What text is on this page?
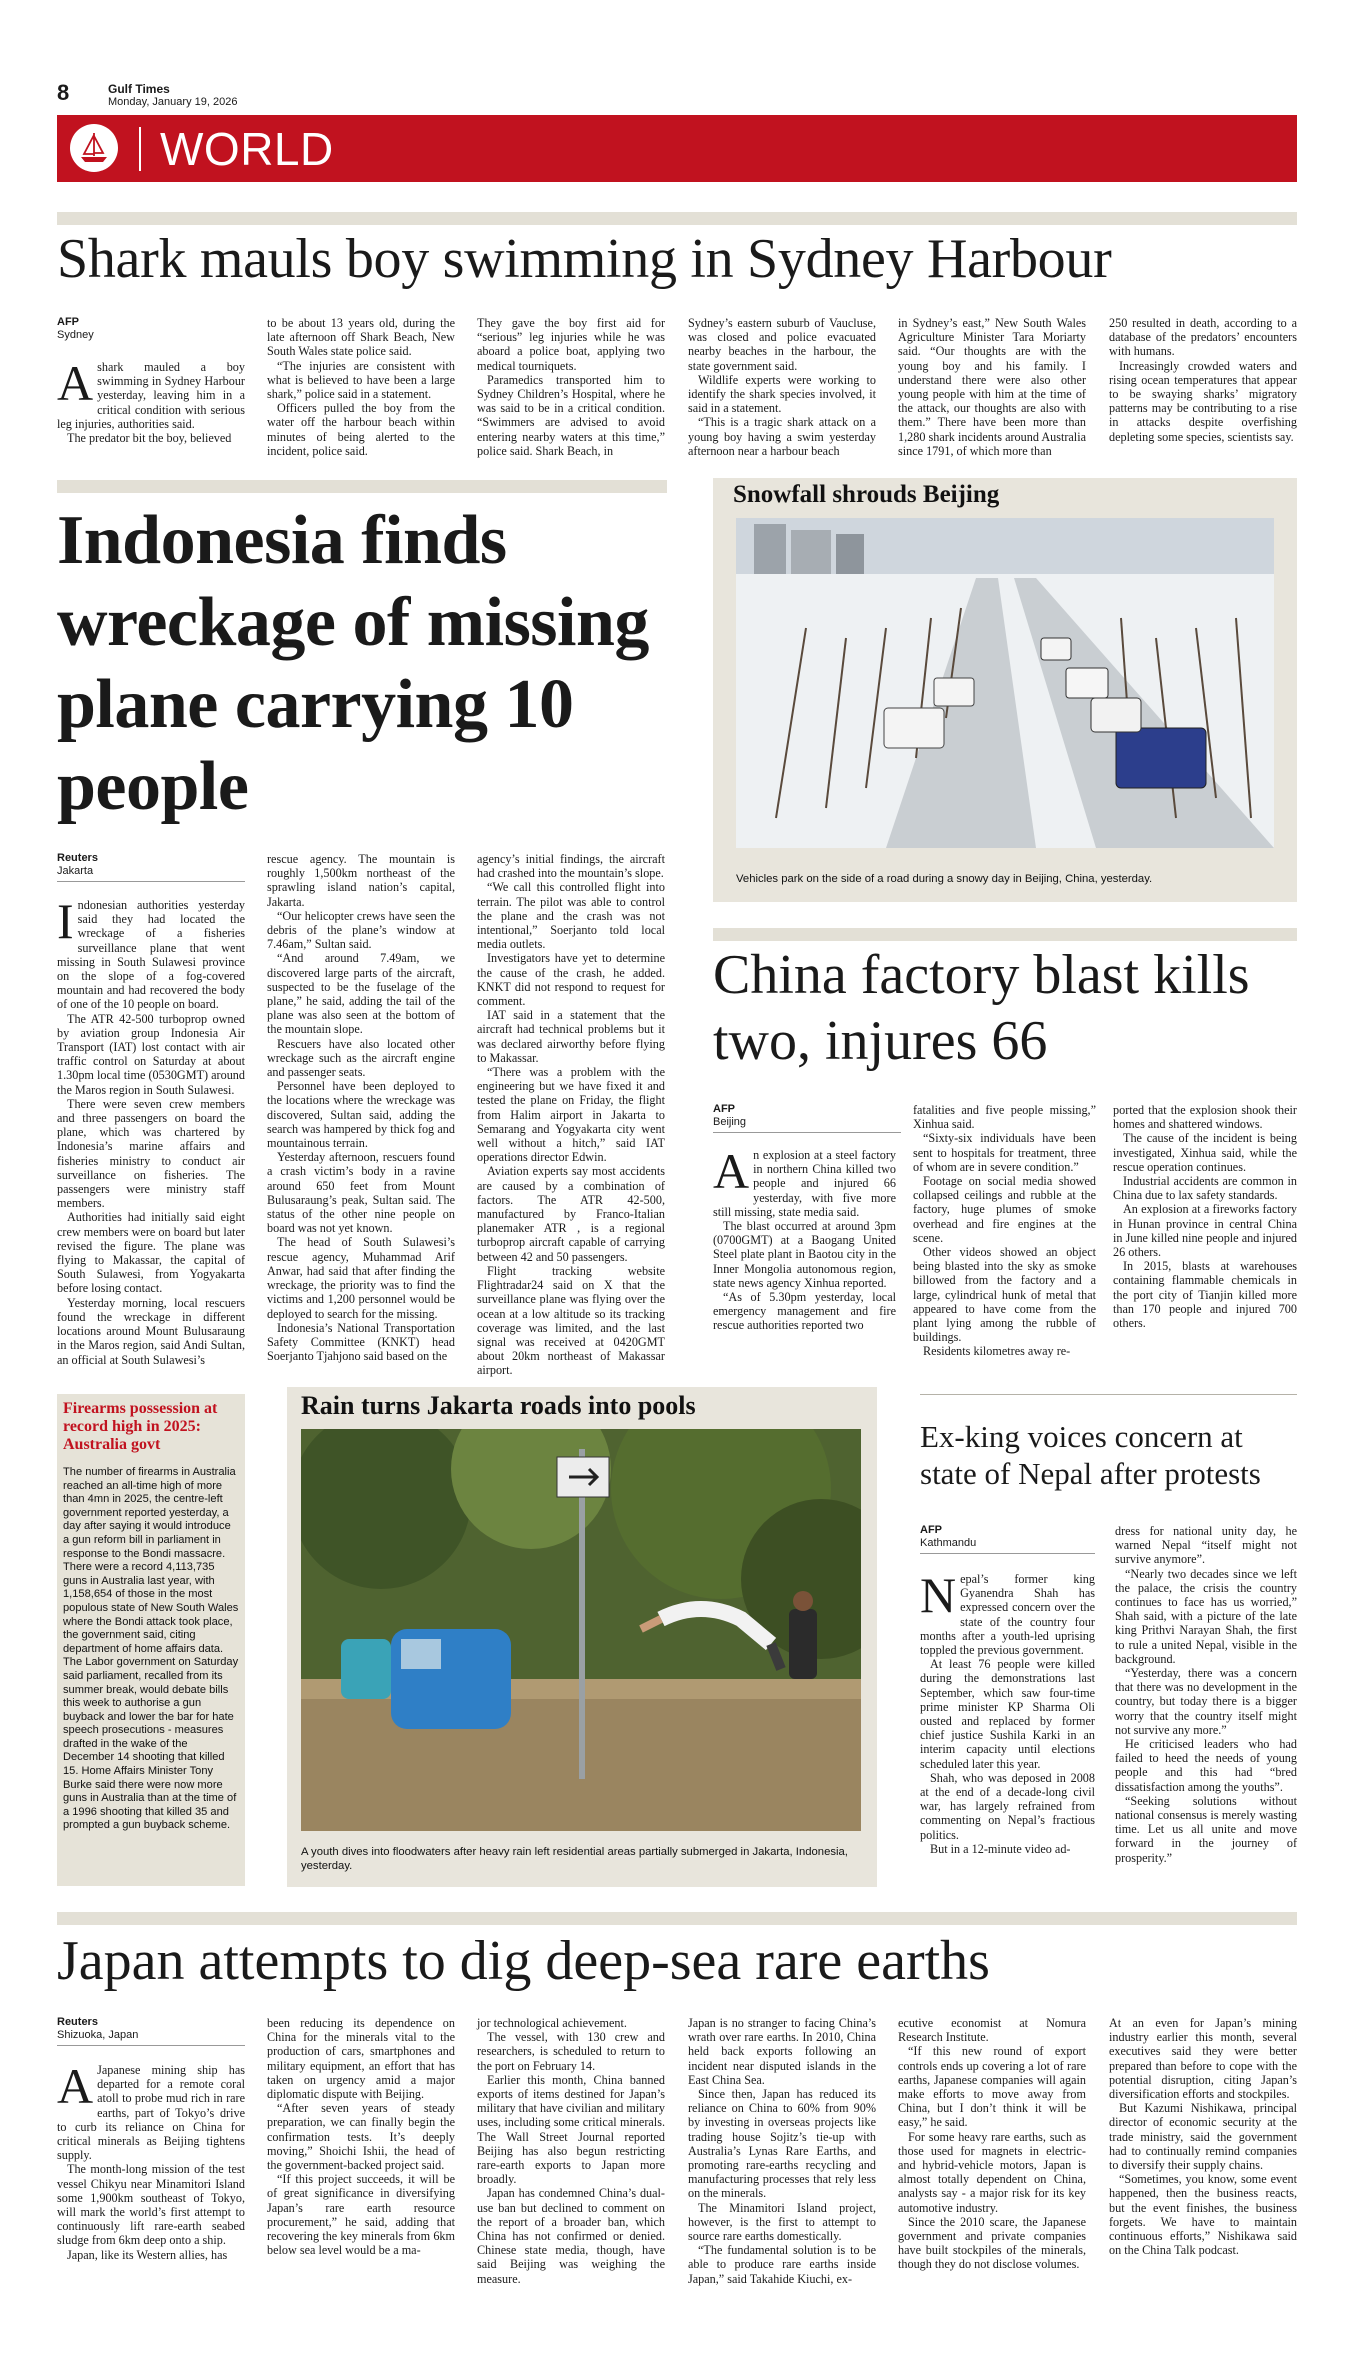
8	Gulf Times
Monday, January 19, 2026
WORLD
Shark mauls boy swimming in Sydney Harbour
AFP
Sydney

Ashark mauled a boy swimming in Sydney Harbour yesterday, leaving him in a critical condition with serious leg injuries, authorities said.

The predator bit the boy, believed

to be about 13 years old, during the late afternoon off Shark Beach, New South Wales state police said.

“The injuries are consistent with what is believed to have been a large shark,” police said in a statement.

Officers pulled the boy from the water off the harbour beach within minutes of being alerted to the incident, police said.

They gave the boy first aid for “serious” leg injuries while he was aboard a police boat, applying two medical tourniquets.

Paramedics transported him to Sydney Children’s Hospital, where he was said to be in a critical condition. “Swimmers are advised to avoid entering nearby waters at this time,” police said. Shark Beach, in

Sydney’s eastern suburb of Vaucluse, was closed and police evacuated nearby beaches in the harbour, the state government said.

Wildlife experts were working to identify the shark species involved, it said in a statement.

“This is a tragic shark attack on a young boy having a swim yesterday afternoon near a harbour beach

in Sydney’s east,” New South Wales Agriculture Minister Tara Moriarty said. “Our thoughts are with the young boy and his family. I understand there were also other young people with him at the time of the attack, our thoughts are also with them.” There have been more than 1,280 shark incidents around Australia since 1791, of which more than

250 resulted in death, according to a database of the predators’ encounters with humans.

Increasingly crowded waters and rising ocean temperatures that appear to be swaying sharks’ migratory patterns may be contributing to a rise in attacks despite overfishing depleting some species, scientists say.

Indonesia finds wreckage of missing plane carrying 10 people
Reuters
Jakarta

Indonesian authorities yesterday said they had located the wreckage of a fisheries surveillance plane that went missing in South Sulawesi province on the slope of a fog-covered mountain and had recovered the body of one of the 10 people on board.

The ATR 42-500 turboprop owned by aviation group Indonesia Air Transport (IAT) lost contact with air traffic control on Saturday at about 1.30pm local time (0530GMT) around the Maros region in South Sulawesi.

There were seven crew members and three passengers on board the plane, which was chartered by Indonesia’s marine affairs and fisheries ministry to conduct air surveillance on fisheries. The passengers were ministry staff members.

Authorities had initially said eight crew members were on board but later revised the figure. The plane was flying to Makassar, the capital of South Sulawesi, from Yogyakarta before losing contact.

Yesterday morning, local rescuers found the wreckage in different locations around Mount Bulusaraung in the Maros region, said Andi Sultan, an official at South Sulawesi’s

rescue agency. The mountain is roughly 1,500km northeast of the sprawling island nation’s capital, Jakarta.

“Our helicopter crews have seen the debris of the plane’s window at 7.46am,” Sultan said.

“And around 7.49am, we discovered large parts of the aircraft, suspected to be the fuselage of the plane,” he said, adding the tail of the plane was also seen at the bottom of the mountain slope.

Rescuers have also located other wreckage such as the aircraft engine and passenger seats.

Personnel have been deployed to the locations where the wreckage was discovered, Sultan said, adding the search was hampered by thick fog and mountainous terrain.

Yesterday afternoon, rescuers found a crash victim’s body in a ravine around 650 feet from Mount Bulusaraung’s peak, Sultan said. The status of the other nine people on board was not yet known.

The head of South Sulawesi’s rescue agency, Muhammad Arif Anwar, had said that after finding the wreckage, the priority was to find the victims and 1,200 personnel would be deployed to search for the missing.

Indonesia’s National Transportation Safety Committee (KNKT) head Soerjanto Tjahjono said based on the

agency’s initial findings, the aircraft had crashed into the mountain’s slope.

“We call this controlled flight into terrain. The pilot was able to control the plane and the crash was not intentional,” Soerjanto told local media outlets.

Investigators have yet to determine the cause of the crash, he added. KNKT did not respond to request for comment.

IAT said in a statement that the aircraft had technical problems but it was declared airworthy before flying to Makassar.

“There was a problem with the engineering but we have fixed it and tested the plane on Friday, the flight from Halim airport in Jakarta to Semarang and Yogyakarta city went well without a hitch,” said IAT operations director Edwin.

Aviation experts say most accidents are caused by a combination of factors. The ATR 42-500, manufactured by Franco-Italian planemaker ATR , is a regional turboprop aircraft capable of carrying between 42 and 50 passengers.

Flight tracking website Flightradar24 said on X that the surveillance plane was flying over the ocean at a low altitude so its tracking coverage was limited, and the last signal was received at 0420GMT about 20km northeast of Makassar airport.

Snowfall shrouds Beijing
Vehicles park on the side of a road during a snowy day in Beijing, China, yesterday.
China factory blast kills two, injures 66
AFP
Beijing

An explosion at a steel factory in northern China killed two people and injured 66 yesterday, with five more still missing, state media said.

The blast occurred at around 3pm (0700GMT) at a Baogang United Steel plate plant in Baotou city in the Inner Mongolia autonomous region, state news agency Xinhua reported.

“As of 5.30pm yesterday, local emergency management and fire rescue authorities reported two

fatalities and five people missing,” Xinhua said.

“Sixty-six individuals have been sent to hospitals for treatment, three of whom are in severe condition.”

Footage on social media showed collapsed ceilings and rubble at the factory, huge plumes of smoke overhead and fire engines at the scene.

Other videos showed an object being blasted into the sky as smoke billowed from the factory and a large, cylindrical hunk of metal that appeared to have come from the plant lying among the rubble of buildings.

Residents kilometres away re-

ported that the explosion shook their homes and shattered windows.

The cause of the incident is being investigated, Xinhua said, while the rescue operation continues.

Industrial accidents are common in China due to lax safety standards.

An explosion at a fireworks factory in Hunan province in central China in June killed nine people and injured 26 others.

In 2015, blasts at warehouses containing flammable chemicals in the port city of Tianjin killed more than 170 people and injured 700 others.

Firearms possession at record high in 2025: Australia govt
The number of firearms in Australia reached an all-time high of more than 4mn in 2025, the centre-left government reported yesterday, a day after saying it would introduce a gun reform bill in parliament in response to the Bondi massacre. There were a record 4,113,735 guns in Australia last year, with 1,158,654 of those in the most populous state of New South Wales where the Bondi attack took place, the government said, citing department of home affairs data. The Labor government on Saturday said parliament, recalled from its summer break, would debate bills this week to authorise a gun buyback and lower the bar for hate speech prosecutions - measures drafted in the wake of the December 14 shooting that killed 15. Home Affairs Minister Tony Burke said there were now more guns in Australia than at the time of a 1996 shooting that killed 35 and prompted a gun buyback scheme.
Rain turns Jakarta roads into pools
A youth dives into floodwaters after heavy rain left residential areas partially submerged in Jakarta, Indonesia, yesterday.
Ex-king voices concern at state of Nepal after protests
AFP
Kathmandu

Nepal’s former king Gyanendra Shah has expressed concern over the state of the country four months after a youth-led uprising toppled the previous government.

At least 76 people were killed during the demonstrations last September, which saw four-time prime minister KP Sharma Oli ousted and replaced by former chief justice Sushila Karki in an interim capacity until elections scheduled later this year.

Shah, who was deposed in 2008 at the end of a decade-long civil war, has largely refrained from commenting on Nepal’s fractious politics.

But in a 12-minute video ad-

dress for national unity day, he warned Nepal “itself might not survive anymore”.

“Nearly two decades since we left the palace, the crisis the country continues to face has us worried,” Shah said, with a picture of the late king Prithvi Narayan Shah, the first to rule a united Nepal, visible in the background.

“Yesterday, there was a concern that there was no development in the country, but today there is a bigger worry that the country itself might not survive any more.”

He criticised leaders who had failed to heed the needs of young people and this had “bred dissatisfaction among the youths”.

“Seeking solutions without national consensus is merely wasting time. Let us all unite and move forward in the journey of prosperity.”

Japan attempts to dig deep-sea rare earths
Reuters
Shizuoka, Japan

A Japanese mining ship has departed for a remote coral atoll to probe mud rich in rare earths, part of Tokyo’s drive to curb its reliance on China for critical minerals as Beijing tightens supply.

The month-long mission of the test vessel Chikyu near Minamitori Island some 1,900km southeast of Tokyo, will mark the world’s first attempt to continuously lift rare-earth seabed sludge from 6km deep onto a ship.

Japan, like its Western allies, has

been reducing its dependence on China for the minerals vital to the production of cars, smartphones and military equipment, an effort that has taken on urgency amid a major diplomatic dispute with Beijing.

“After seven years of steady preparation, we can finally begin the confirmation tests. It’s deeply moving,” Shoichi Ishii, the head of the government-backed project said.

“If this project succeeds, it will be of great significance in diversifying Japan’s rare earth resource procurement,” he said, adding that recovering the key minerals from 6km below sea level would be a ma-

jor technological achievement.

The vessel, with 130 crew and researchers, is scheduled to return to the port on February 14.

Earlier this month, China banned exports of items destined for Japan’s military that have civilian and military uses, including some critical minerals. The Wall Street Journal reported Beijing has also begun restricting rare-earth exports to Japan more broadly.

Japan has condemned China’s dual-use ban but declined to comment on the report of a broader ban, which China has not confirmed or denied. Chinese state media, though, have said Beijing was weighing the measure.

Japan is no stranger to facing China’s wrath over rare earths. In 2010, China held back exports following an incident near disputed islands in the East China Sea.

Since then, Japan has reduced its reliance on China to 60% from 90% by investing in overseas projects like trading house Sojitz’s tie-up with Australia’s Lynas Rare Earths, and promoting rare-earths recycling and manufacturing processes that rely less on the minerals.

The Minamitori Island project, however, is the first to attempt to source rare earths domestically.

“The fundamental solution is to be able to produce rare earths inside Japan,” said Takahide Kiuchi, ex-

ecutive economist at Nomura Research Institute.

“If this new round of export controls ends up covering a lot of rare earths, Japanese companies will again make efforts to move away from China, but I don’t think it will be easy,” he said.

For some heavy rare earths, such as those used for magnets in electric- and hybrid-vehicle motors, Japan is almost totally dependent on China, analysts say - a major risk for its key automotive industry.

Since the 2010 scare, the Japanese government and private companies have built stockpiles of the minerals, though they do not disclose volumes.

At an even for Japan’s mining industry earlier this month, several executives said they were better prepared than before to cope with the potential disruption, citing Japan’s diversification efforts and stockpiles.

But Kazumi Nishikawa, principal director of economic security at the trade ministry, said the government had to continually remind companies to diversify their supply chains.

“Sometimes, you know, some event happened, then the business reacts, but the event finishes, the business forgets. We have to maintain continuous efforts,” Nishikawa said on the China Talk podcast.
